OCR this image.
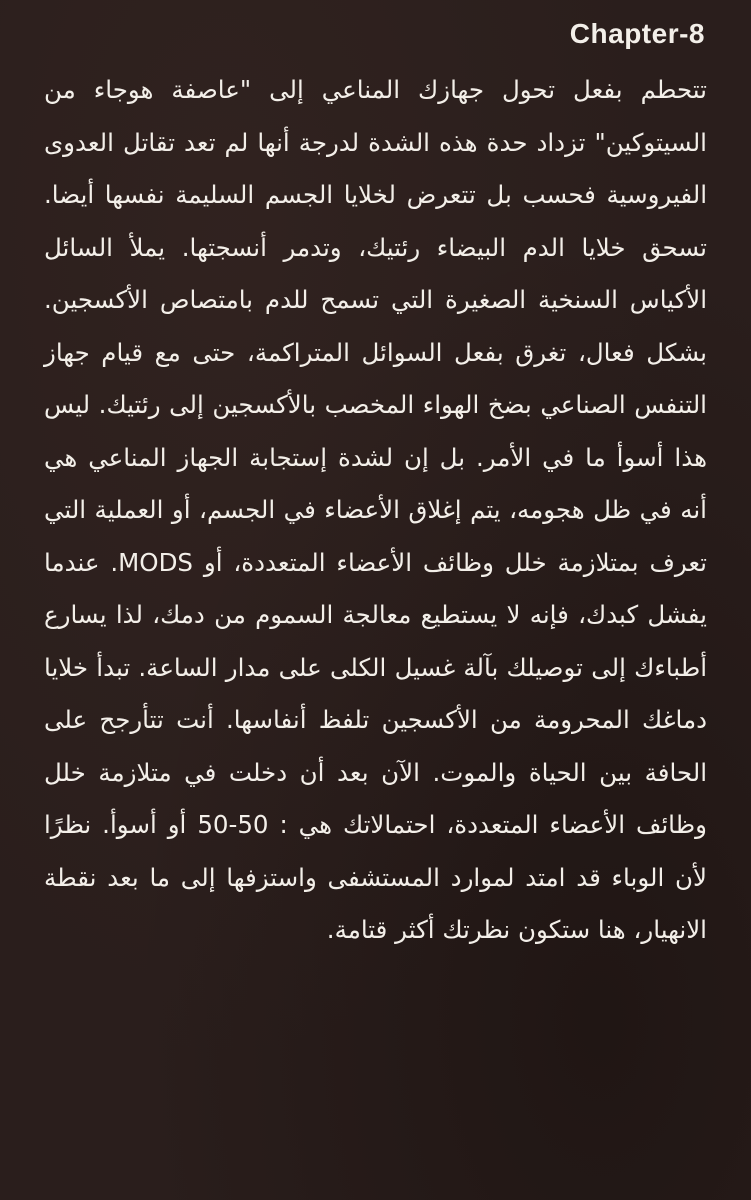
Chapter-8

تتحطم بفعل تحول جهازك المناعي إلى "عاصفة هوجاء من السيتوكين" تزداد حدة هذه الشدة لدرجة أنها لم تعد تقاتل العدوى الفيروسية فحسب بل تتعرض لخلايا الجسم السليمة نفسها أيضا. تسحق خلايا الدم البيضاء رئتيك، وتدمر أنسجتها. يملأ السائل الأكياس السنخية الصغيرة التي تسمح للدم بامتصاص الأكسجين. بشكل فعال، تغرق بفعل السوائل المتراكمة، حتى مع قيام جهاز التنفس الصناعي بضخ الهواء المخصب بالأكسجين إلى رئتيك. ليس هذا أسوأ ما في الأمر. بل إن لشدة إستجابة الجهاز المناعي هي أنه في ظل هجومه، يتم إغلاق الأعضاء في الجسم، أو العملية التي تعرف بمتلازمة خلل وظائف الأعضاء المتعددة، أو MODS. عندما يفشل كبدك، فإنه لا يستطيع معالجة السموم من دمك، لذا يسارع أطباءك إلى توصيلك بآلة غسيل الكلى على مدار الساعة. تبدأ خلايا دماغك المحرومة من الأكسجين تلفظ أنفاسها. أنت تتأرجح على الحافة بين الحياة والموت. الآن بعد أن دخلت في متلازمة خلل وظائف الأعضاء المتعددة، احتمالاتك هي : 50-50 أو أسوأ. نظرًا لأن الوباء قد امتد لموارد المستشفى واستزفها إلى ما بعد نقطة الانهيار، هنا ستكون نظرتك أكثر قتامة.
